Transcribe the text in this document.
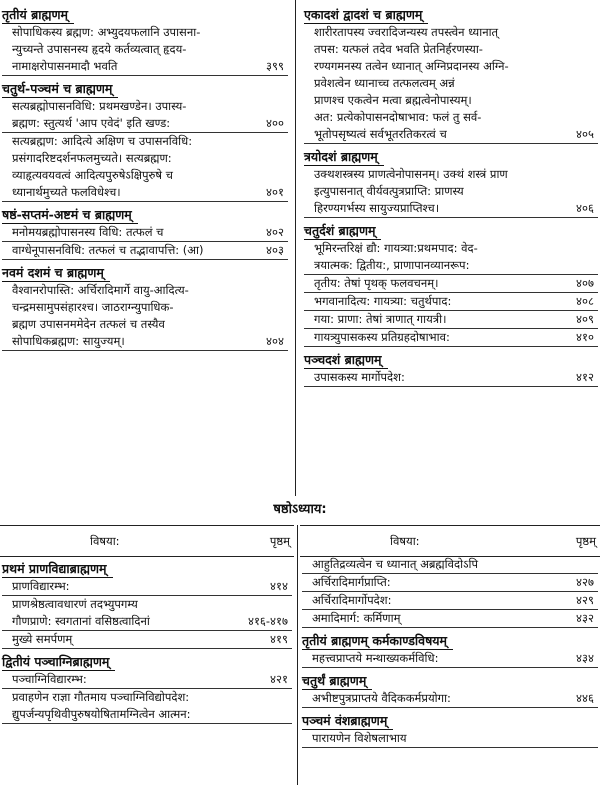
तृतीयं ब्राह्मणम्
सोपाधिकस्य ब्रह्मण: अभ्युदयफलानि उपासना-
न्युच्यन्ते उपासनस्य हृदये कर्तव्यत्वात् हृदय-
नामाक्षरोपासनमादौ भवति	३९९
चतुर्थ-पञ्चमं च ब्राह्मणम्
सत्यब्रह्मोपासनविधि: प्रथमखण्डेन। उपास्य-
ब्रह्मण: स्तुत्यर्थ 'आप एवेदं' इति खण्ड:	४००
सत्यब्रह्मण: आदित्ये अक्षिण च उपासनविधि:
प्रसंगादरिष्टदर्शनफलमुच्यते। सत्यब्रह्मण:
व्याहृत्यवयवत्वं आदित्यपुरुषेऽक्षिपुरुषे च
ध्यानार्थमुच्यते फलविधेश्च।	४०१
षष्ठं-सप्तमं-अष्टमं च ब्राह्मणम्
मनोमयब्रह्मोपासनस्य विधि: तत्फलं च	४०२
वाग्धेनूपासनविधि: तत्फलं च तद्भावापत्ति: (आ)	४०३
नवमं दशमं च ब्राह्मणम्
वैश्वानरोपास्ति: अर्चिरादिमार्गे वायु-आदित्य-
चन्द्रमसामुपसंहारश्च। जाठराग्न्युपाधिक-
ब्रह्मण उपासनममेदेन तत्फलं च तस्यैव
सोपाधिकब्रह्मण: सायुज्यम्।	४०४
एकादशं द्वादशं च ब्राह्मणम्
शारीरतापस्य ज्वरादिजन्यस्य तपस्त्वेन ध्यानात्
तपस: यत्फलं तदेव भवति प्रेतनिर्हरणस्या-
रण्यगमनस्य तत्वेन ध्यानात् अग्निप्रदानस्य अग्नि-
प्रवेशत्वेन ध्यानाच्च तत्फलत्वम् अन्नं
प्राणश्च एकत्वेन मत्वा ब्रह्मत्वेनोपास्यम्।
अत: प्रत्येकोपासनदोषाभाव: फलं तु सर्व-
भूतोपसृष्यत्वं सर्वभूतरतिकरत्वं च	४०५
त्रयोदशं ब्राह्मणम्
उक्थशस्त्रस्य प्राणत्वेनोपासनम्। उक्थं शस्त्रं प्राण
इत्युपासनात् वीर्यवत्पुत्रप्राप्ति: प्राणस्य
हिरण्यगर्भस्य सायुज्यप्राप्तिश्च।	४०६
चतुर्दशं ब्राह्मणम्
भूमिरन्तरिक्षं द्यौ: गायत्र्या:प्रथमपाद: वेद-
त्रयात्मक: द्वितीय:, प्राणापानव्यानरूप:
तृतीय: तेषां पृथक् फलवचनम्।	४०७
भगवानादित्य: गायत्र्या: चतुर्थपाद:	४०८
गया: प्राणा: तेषां त्राणात् गायत्री।	४०९
गायत्र्युपासकस्य प्रतिग्रहदोषाभाव:	४१०
पञ्चदशं ब्राह्मणम्
उपासकस्य मार्गोपदेश:	४१२
षष्ठोऽध्याय:
विषया:	पृष्ठम्	विषया:	पृष्ठम्
प्रथमं प्राणविद्याब्राह्मणम्
प्राणविद्यारम्भ:	४१४
प्राणश्रेष्ठत्वावधारणं तदभ्युपगम्य
गौणप्राणे: स्वगतानां वसिष्ठत्वादिनां	४१६-४१७
मुख्ये समर्पणम्	४१९
द्वितीयं पञ्चाग्निब्राह्मणम्
पञ्चाग्निविद्यारम्भ:	४२१
प्रवाहणेन राज्ञा गौतमाय पञ्चाग्निविद्योपदेश:
द्युपर्जन्यपृथिवीपुरुषयोषितामग्नित्वेन आत्मन:
आहुतिद्रव्यत्वेन च ध्यानात् अब्रह्मविदोऽपि
अर्चिरादिमार्गप्राप्ति:	४२७
अर्चिरादिमार्गोपदेश:	४२९
अमादिमार्ग: कर्मिणाम्	४३२
तृतीयं ब्राह्मणम् कर्मकाण्डविषयम्
महत्त्वप्राप्तये मन्थाख्यकर्मविधि:	४३४
चतुर्थं ब्राह्मणम्
अभीष्टपुत्रप्राप्तये वैदिककर्मप्रयोगा:	४४६
पञ्चमं वंशब्राह्मणम्
पारायणेन विशेषलाभाय
